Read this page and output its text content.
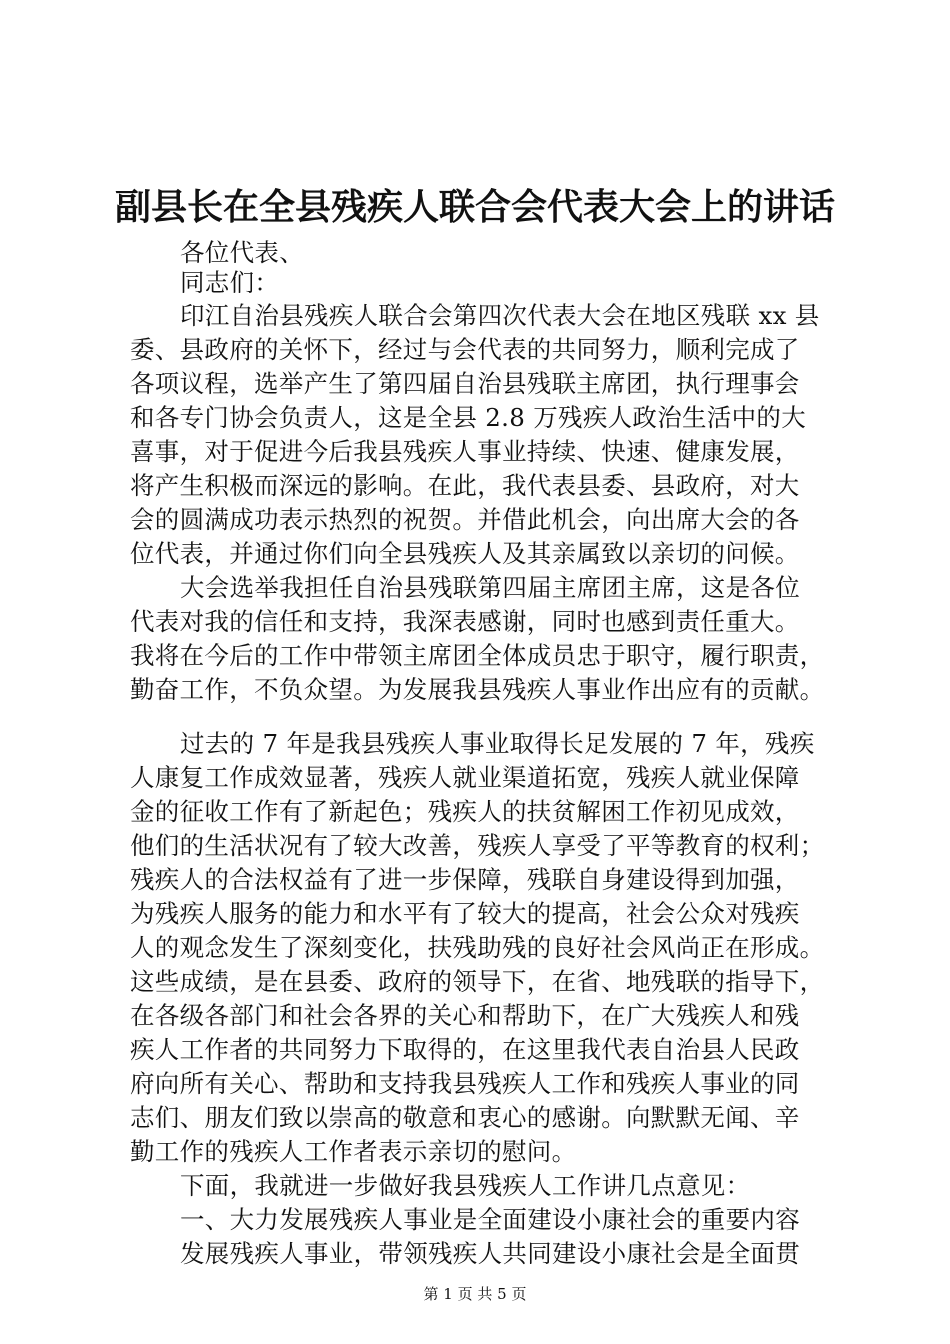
副县长在全县残疾人联合会代表大会上的讲话
各位代表、
同志们：
印江自治县残疾人联合会第四次代表大会在地区残联 xx 县
委、县政府的关怀下，经过与会代表的共同努力，顺利完成了
各项议程，选举产生了第四届自治县残联主席团，执行理事会
和各专门协会负责人，这是全县 2.8 万残疾人政治生活中的大
喜事，对于促进今后我县残疾人事业持续、快速、健康发展，
将产生积极而深远的影响。在此，我代表县委、县政府，对大
会的圆满成功表示热烈的祝贺。并借此机会，向出席大会的各
位代表，并通过你们向全县残疾人及其亲属致以亲切的问候。
大会选举我担任自治县残联第四届主席团主席，这是各位
代表对我的信任和支持，我深表感谢，同时也感到责任重大。
我将在今后的工作中带领主席团全体成员忠于职守，履行职责，
勤奋工作，不负众望。为发展我县残疾人事业作出应有的贡献。
过去的 7 年是我县残疾人事业取得长足发展的 7 年，残疾
人康复工作成效显著，残疾人就业渠道拓宽，残疾人就业保障
金的征收工作有了新起色；残疾人的扶贫解困工作初见成效，
他们的生活状况有了较大改善，残疾人享受了平等教育的权利；
残疾人的合法权益有了进一步保障，残联自身建设得到加强，
为残疾人服务的能力和水平有了较大的提高，社会公众对残疾
人的观念发生了深刻变化，扶残助残的良好社会风尚正在形成。
这些成绩，是在县委、政府的领导下，在省、地残联的指导下，
在各级各部门和社会各界的关心和帮助下，在广大残疾人和残
疾人工作者的共同努力下取得的，在这里我代表自治县人民政
府向所有关心、帮助和支持我县残疾人工作和残疾人事业的同
志们、朋友们致以崇高的敬意和衷心的感谢。向默默无闻、辛
勤工作的残疾人工作者表示亲切的慰问。
下面，我就进一步做好我县残疾人工作讲几点意见：
一、大力发展残疾人事业是全面建设小康社会的重要内容
发展残疾人事业，带领残疾人共同建设小康社会是全面贯
第 1 页 共 5 页
